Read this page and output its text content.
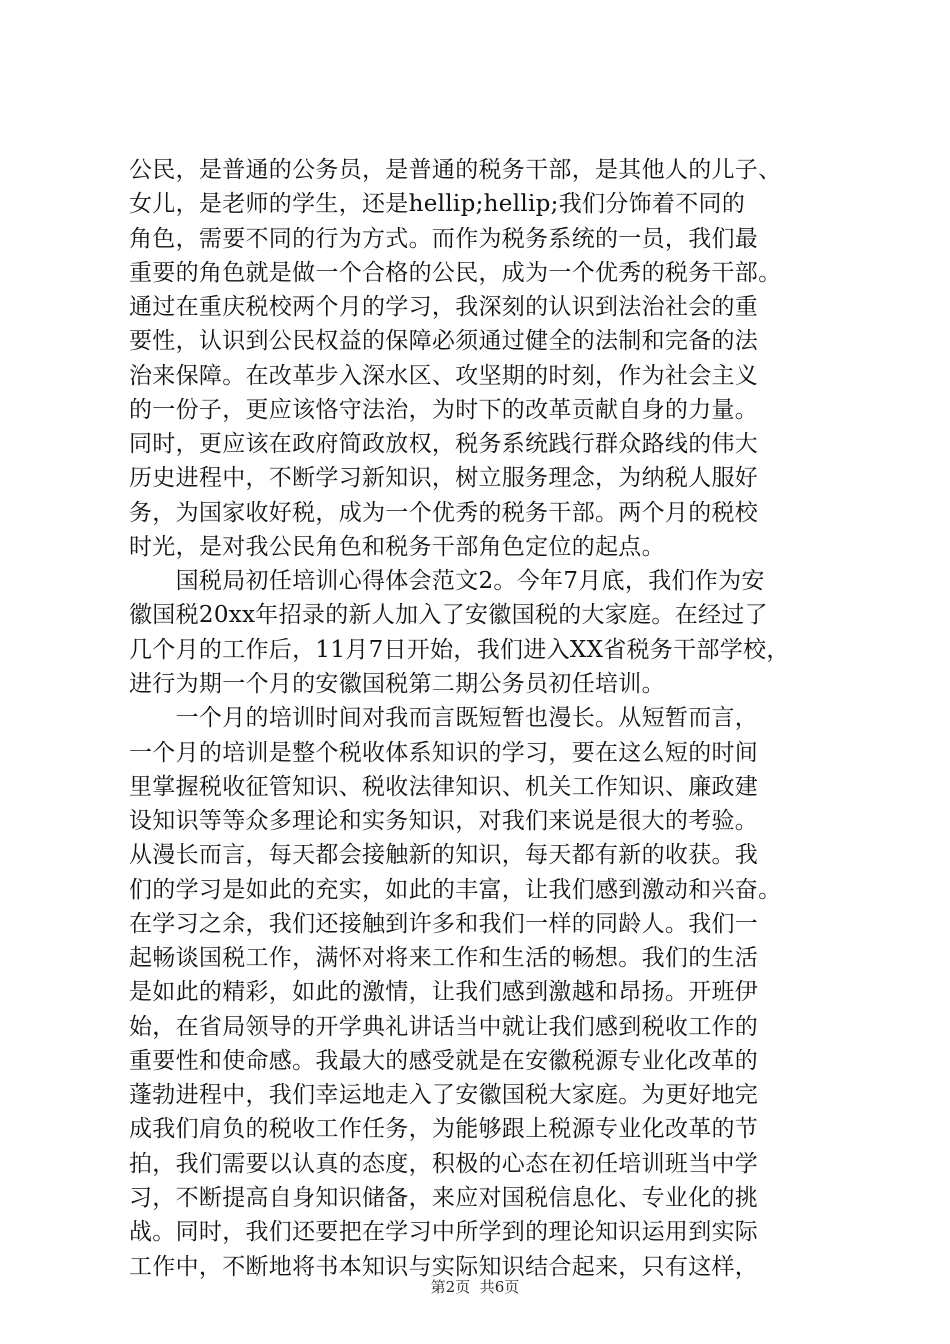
公民，是普通的公务员，是普通的税务干部，是其他人的儿子、
女儿，是老师的学生，还是hellip;hellip;我们分饰着不同的
角色，需要不同的行为方式。而作为税务系统的一员，我们最
重要的角色就是做一个合格的公民，成为一个优秀的税务干部。
通过在重庆税校两个月的学习，我深刻的认识到法治社会的重
要性，认识到公民权益的保障必须通过健全的法制和完备的法
治来保障。在改革步入深水区、攻坚期的时刻，作为社会主义
的一份子，更应该恪守法治，为时下的改革贡献自身的力量。
同时，更应该在政府简政放权，税务系统践行群众路线的伟大
历史进程中，不断学习新知识，树立服务理念，为纳税人服好
务，为国家收好税，成为一个优秀的税务干部。两个月的税校
时光，是对我公民角色和税务干部角色定位的起点。
　　国税局初任培训心得体会范文2。今年7月底，我们作为安
徽国税20xx年招录的新人加入了安徽国税的大家庭。在经过了
几个月的工作后，11月7日开始，我们进入XX省税务干部学校，
进行为期一个月的安徽国税第二期公务员初任培训。
　　一个月的培训时间对我而言既短暂也漫长。从短暂而言，
一个月的培训是整个税收体系知识的学习，要在这么短的时间
里掌握税收征管知识、税收法律知识、机关工作知识、廉政建
设知识等等众多理论和实务知识，对我们来说是很大的考验。
从漫长而言，每天都会接触新的知识，每天都有新的收获。我
们的学习是如此的充实，如此的丰富，让我们感到激动和兴奋。
在学习之余，我们还接触到许多和我们一样的同龄人。我们一
起畅谈国税工作，满怀对将来工作和生活的畅想。我们的生活
是如此的精彩，如此的激情，让我们感到激越和昂扬。开班伊
始，在省局领导的开学典礼讲话当中就让我们感到税收工作的
重要性和使命感。我最大的感受就是在安徽税源专业化改革的
蓬勃进程中，我们幸运地走入了安徽国税大家庭。为更好地完
成我们肩负的税收工作任务，为能够跟上税源专业化改革的节
拍，我们需要以认真的态度，积极的心态在初任培训班当中学
习，不断提高自身知识储备，来应对国税信息化、专业化的挑
战。同时，我们还要把在学习中所学到的理论知识运用到实际
工作中，不断地将书本知识与实际知识结合起来，只有这样，
第2页 共6页
